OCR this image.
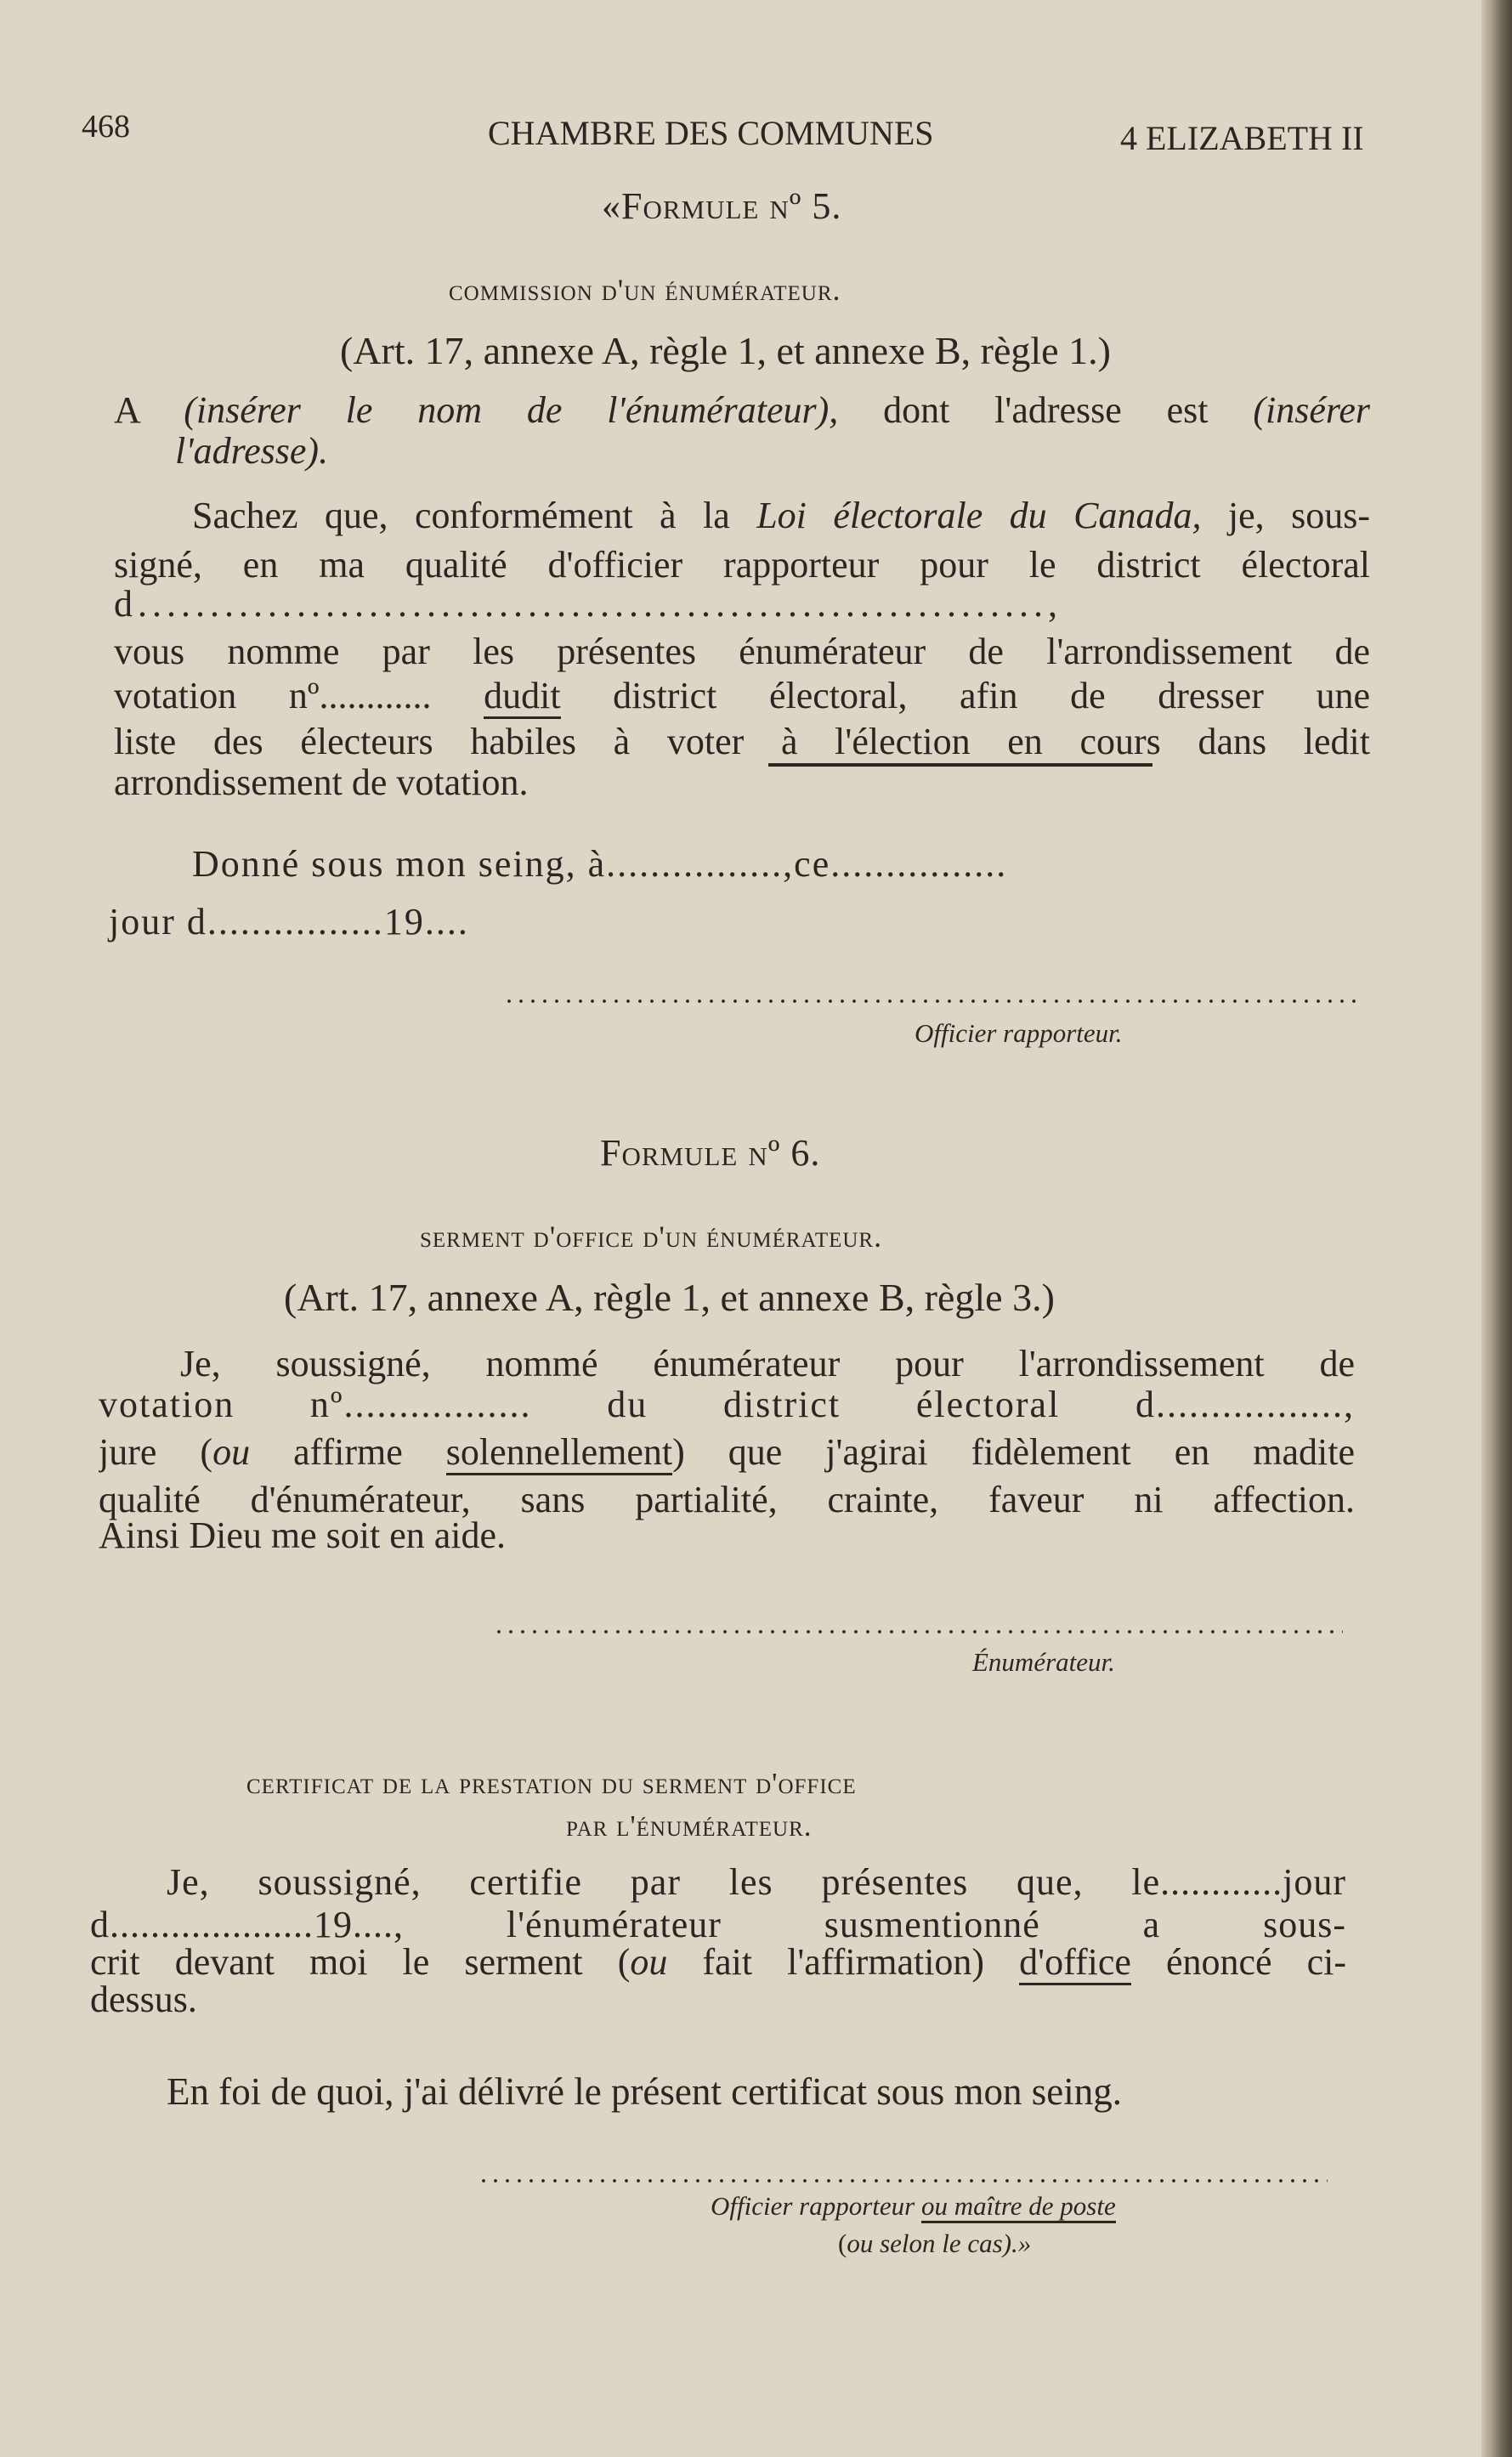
468	CHAMBRE DES COMMUNES	4 ELIZABETH II

«Formule nº 5.

commission d'un énumérateur.

(Art. 17, annexe A, règle 1, et annexe B, règle 1.)

A (insérer le nom de l'énumérateur), dont l'adresse est (insérer

l'adresse).

Sachez que, conformément à la Loi électorale du Canada, je, sous-

signé, en ma qualité d'officier rapporteur pour le district électoral

d...............................................................,

vous nomme par les présentes énumérateur de l'arrondissement de

votation nº............ dudit district électoral, afin de dresser une

liste des électeurs habiles à voter à l'élection en cours dans ledit

arrondissement de votation.

Donné sous mon seing, à................,ce................

jour d................19....

Officier rapporteur.

Formule nº 6.

serment d'office d'un énumérateur.

(Art. 17, annexe A, règle 1, et annexe B, règle 3.)

Je, soussigné, nommé énumérateur pour l'arrondissement de

votation nº................. du district électoral d.................,
jure (ou affirme solennellement) que j'agirai fidèlement en madite

qualité d'énumérateur, sans partialité, crainte, faveur ni affection.

Ainsi Dieu me soit en aide.

Énumérateur.

certificat de la prestation du serment d'office

par l'énumérateur.

Je, soussigné, certifie par les présentes que, le............jour

d....................19...., l'énumérateur susmentionné a sous-

crit devant moi le serment (ou fait l'affirmation) d'office énoncé ci-

dessus.

En foi de quoi, j'ai délivré le présent certificat sous mon seing.

Officier rapporteur ou maître de poste

(ou selon le cas).»
